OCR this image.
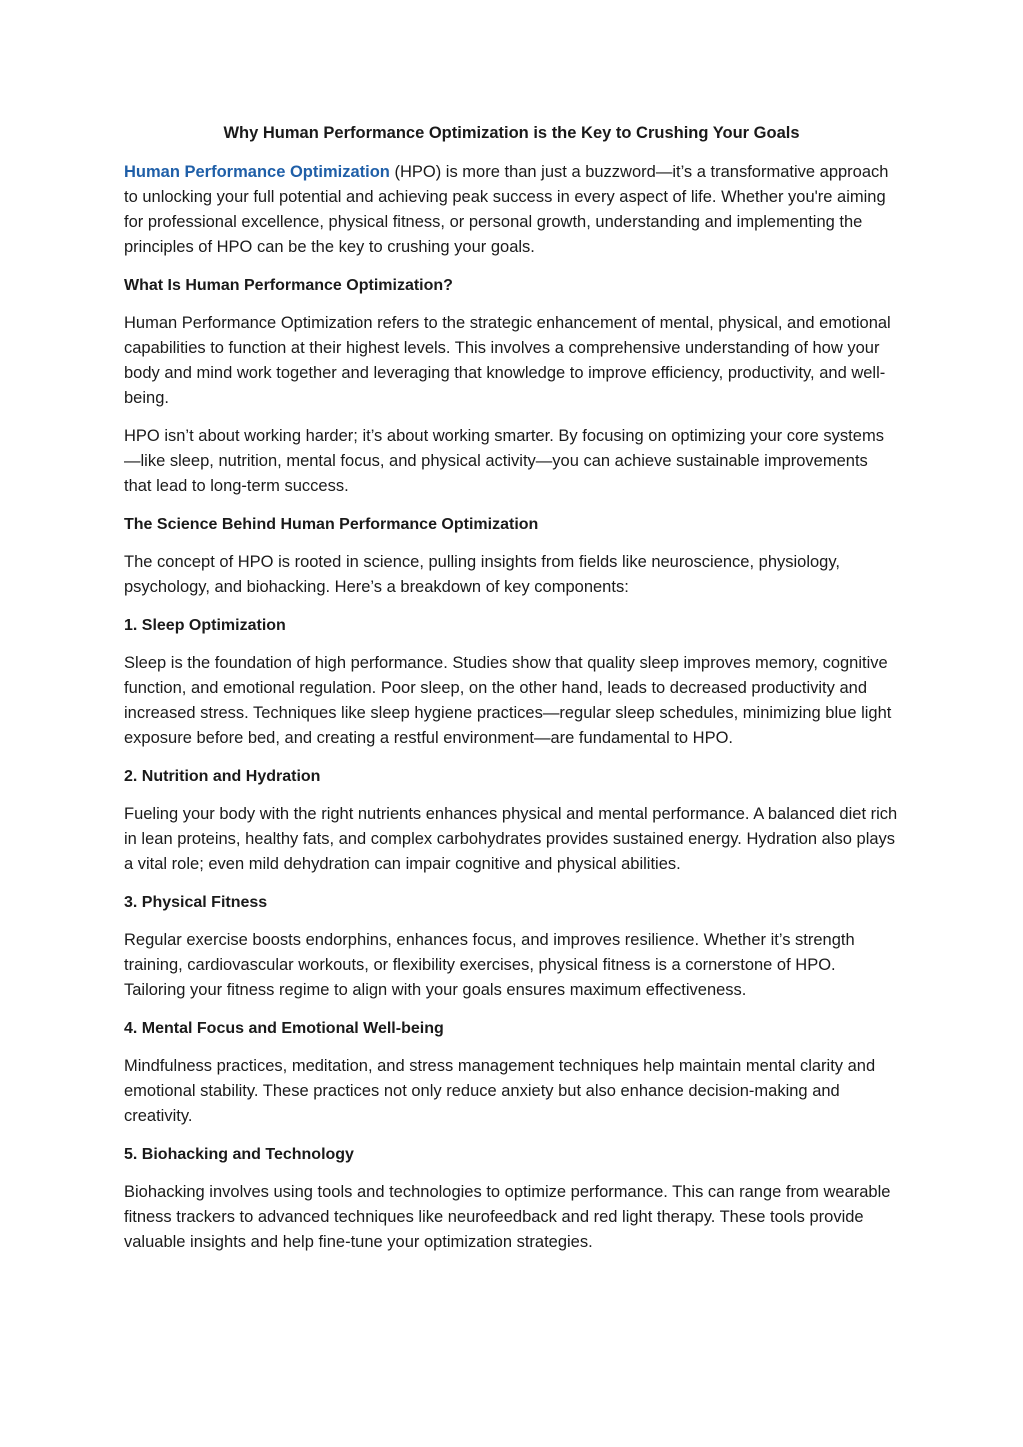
Why Human Performance Optimization is the Key to Crushing Your Goals

Human Performance Optimization (HPO) is more than just a buzzword—it’s a transformative approach to unlocking your full potential and achieving peak success in every aspect of life. Whether you're aiming for professional excellence, physical fitness, or personal growth, understanding and implementing the principles of HPO can be the key to crushing your goals.

What Is Human Performance Optimization?

Human Performance Optimization refers to the strategic enhancement of mental, physical, and emotional capabilities to function at their highest levels. This involves a comprehensive understanding of how your body and mind work together and leveraging that knowledge to improve efficiency, productivity, and well-being.

HPO isn’t about working harder; it’s about working smarter. By focusing on optimizing your core systems—like sleep, nutrition, mental focus, and physical activity—you can achieve sustainable improvements that lead to long-term success.

The Science Behind Human Performance Optimization

The concept of HPO is rooted in science, pulling insights from fields like neuroscience, physiology, psychology, and biohacking. Here’s a breakdown of key components:

1. Sleep Optimization

Sleep is the foundation of high performance. Studies show that quality sleep improves memory, cognitive function, and emotional regulation. Poor sleep, on the other hand, leads to decreased productivity and increased stress. Techniques like sleep hygiene practices—regular sleep schedules, minimizing blue light exposure before bed, and creating a restful environment—are fundamental to HPO.

2. Nutrition and Hydration

Fueling your body with the right nutrients enhances physical and mental performance. A balanced diet rich in lean proteins, healthy fats, and complex carbohydrates provides sustained energy. Hydration also plays a vital role; even mild dehydration can impair cognitive and physical abilities.

3. Physical Fitness

Regular exercise boosts endorphins, enhances focus, and improves resilience. Whether it’s strength training, cardiovascular workouts, or flexibility exercises, physical fitness is a cornerstone of HPO. Tailoring your fitness regime to align with your goals ensures maximum effectiveness.

4. Mental Focus and Emotional Well-being

Mindfulness practices, meditation, and stress management techniques help maintain mental clarity and emotional stability. These practices not only reduce anxiety but also enhance decision-making and creativity.

5. Biohacking and Technology

Biohacking involves using tools and technologies to optimize performance. This can range from wearable fitness trackers to advanced techniques like neurofeedback and red light therapy. These tools provide valuable insights and help fine-tune your optimization strategies.
